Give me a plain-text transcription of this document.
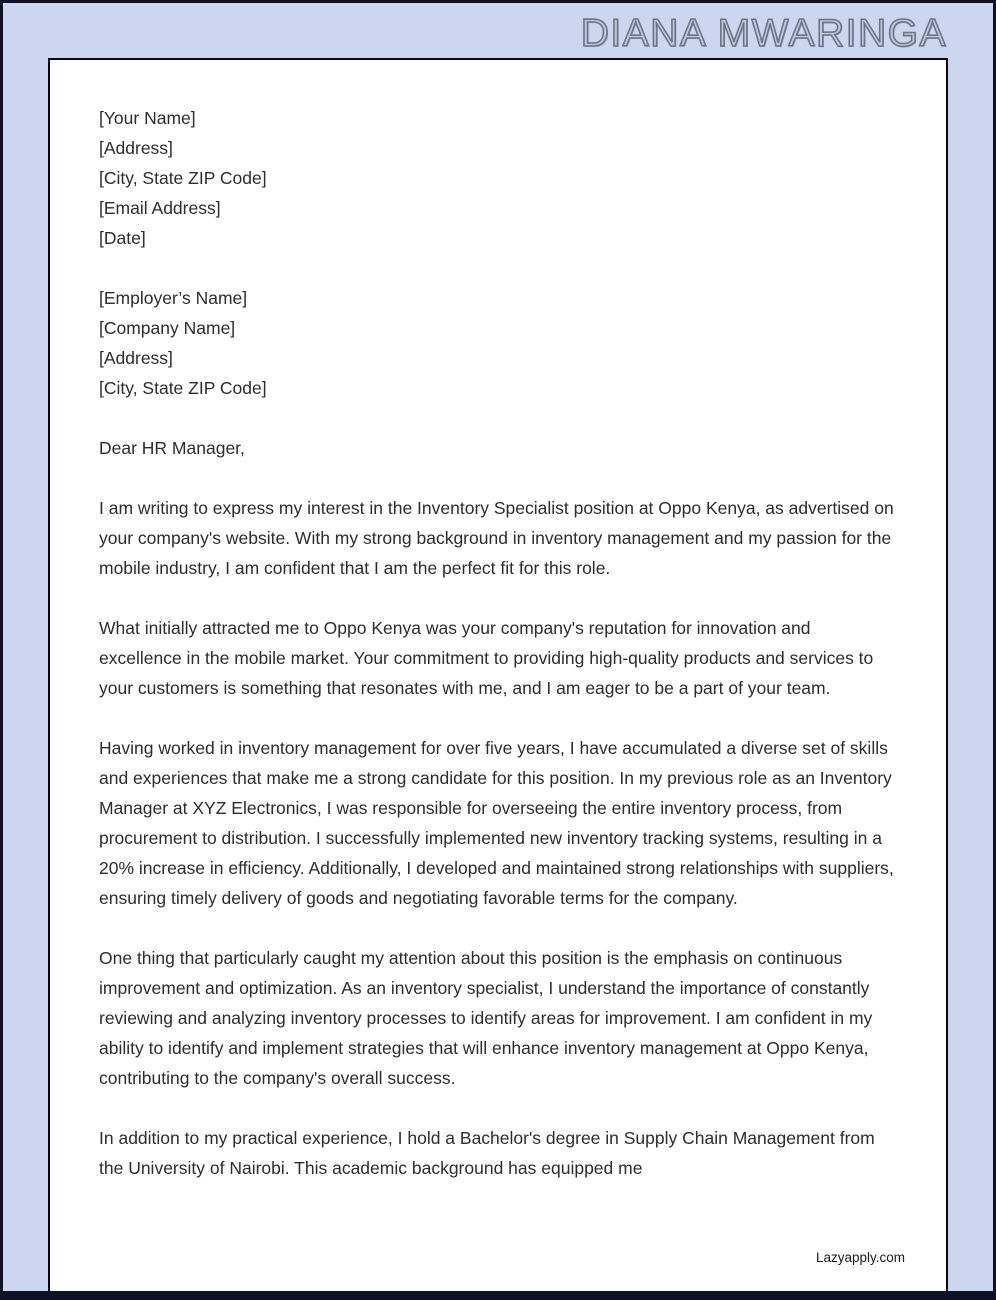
DIANA MWARINGA
[Your Name]
[Address]
[City, State ZIP Code]
[Email Address]
[Date]
[Employer’s Name]
[Company Name]
[Address]
[City, State ZIP Code]
Dear HR Manager,

I am writing to express my interest in the Inventory Specialist position at Oppo Kenya, as advertised on your company's website. With my strong background in inventory management and my passion for the mobile industry, I am confident that I am the perfect fit for this role.

What initially attracted me to Oppo Kenya was your company's reputation for innovation and excellence in the mobile market. Your commitment to providing high-quality products and services to your customers is something that resonates with me, and I am eager to be a part of your team.

Having worked in inventory management for over five years, I have accumulated a diverse set of skills and experiences that make me a strong candidate for this position. In my previous role as an Inventory Manager at XYZ Electronics, I was responsible for overseeing the entire inventory process, from procurement to distribution. I successfully implemented new inventory tracking systems, resulting in a 20% increase in efficiency. Additionally, I developed and maintained strong relationships with suppliers, ensuring timely delivery of goods and negotiating favorable terms for the company.

One thing that particularly caught my attention about this position is the emphasis on continuous improvement and optimization. As an inventory specialist, I understand the importance of constantly reviewing and analyzing inventory processes to identify areas for improvement. I am confident in my ability to identify and implement strategies that will enhance inventory management at Oppo Kenya, contributing to the company's overall success.

In addition to my practical experience, I hold a Bachelor's degree in Supply Chain Management from the University of Nairobi. This academic background has equipped me

Lazyapply.com
